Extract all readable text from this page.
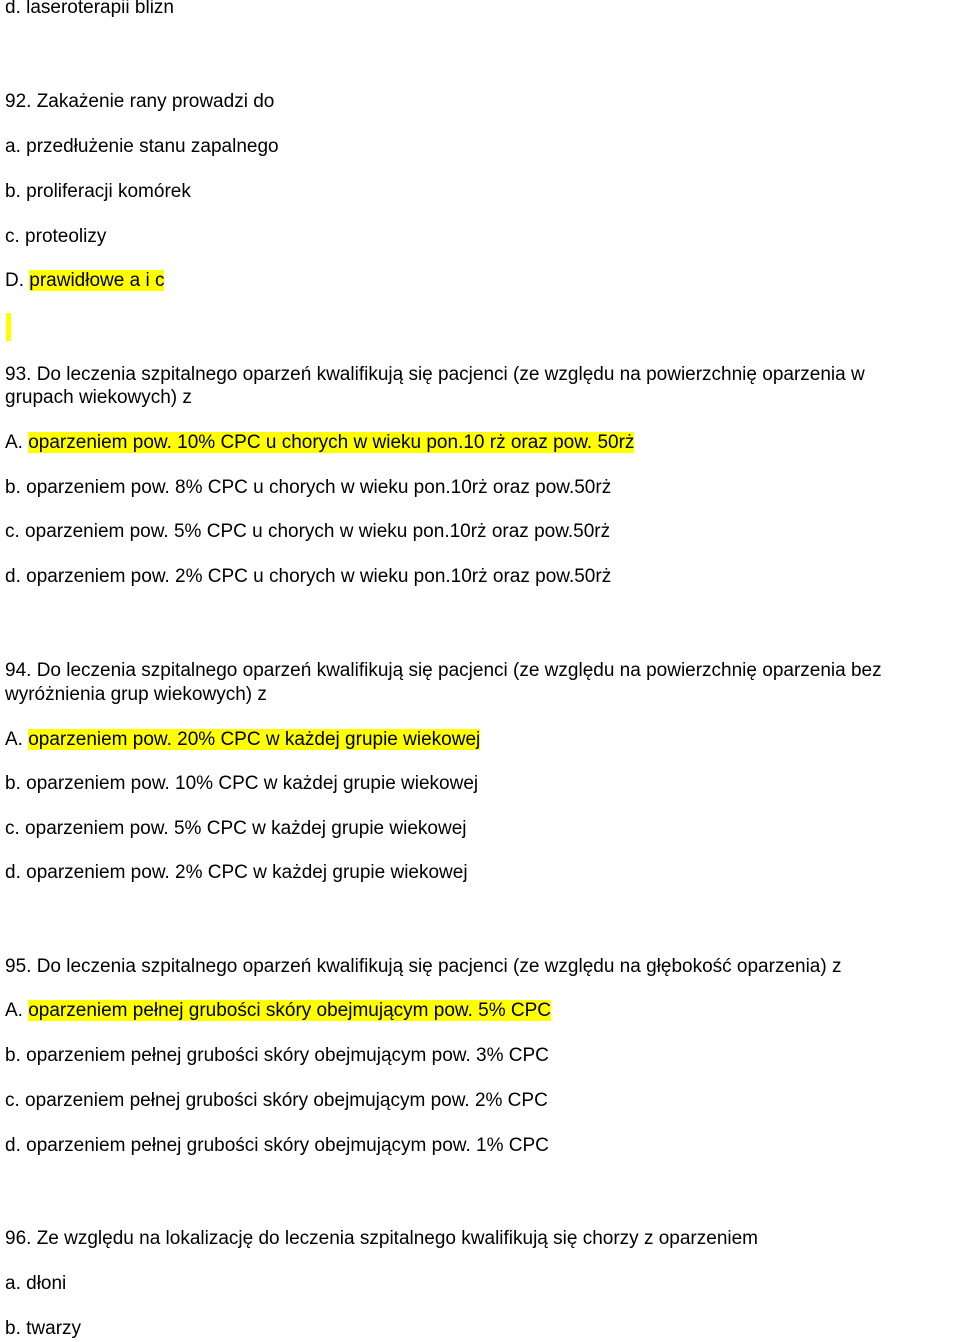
d. laseroterapii blizn
92. Zakażenie rany prowadzi do
a. przedłużenie stanu zapalnego
b. proliferacji komórek
c. proteolizy
D. prawidłowe a i c
93. Do leczenia szpitalnego oparzeń kwalifikują się pacjenci (ze względu na powierzchnię oparzenia w
grupach wiekowych) z
A. oparzeniem pow. 10% CPC u chorych w wieku pon.10 rż oraz pow. 50rż
b. oparzeniem pow. 8% CPC u chorych w wieku pon.10rż oraz pow.50rż
c. oparzeniem pow. 5% CPC u chorych w wieku pon.10rż oraz pow.50rż
d. oparzeniem pow. 2% CPC u chorych w wieku pon.10rż oraz pow.50rż
94. Do leczenia szpitalnego oparzeń kwalifikują się pacjenci (ze względu na powierzchnię oparzenia bez
wyróżnienia grup wiekowych) z
A. oparzeniem pow. 20% CPC w każdej grupie wiekowej
b. oparzeniem pow. 10% CPC w każdej grupie wiekowej
c. oparzeniem pow. 5% CPC w każdej grupie wiekowej
d. oparzeniem pow. 2% CPC w każdej grupie wiekowej
95. Do leczenia szpitalnego oparzeń kwalifikują się pacjenci (ze względu na głębokość oparzenia) z
A. oparzeniem pełnej grubości skóry obejmującym pow. 5% CPC
b. oparzeniem pełnej grubości skóry obejmującym pow. 3% CPC
c. oparzeniem pełnej grubości skóry obejmującym pow. 2% CPC
d. oparzeniem pełnej grubości skóry obejmującym pow. 1% CPC
96. Ze względu na lokalizację do leczenia szpitalnego kwalifikują się chorzy z oparzeniem
a. dłoni
b. twarzy
